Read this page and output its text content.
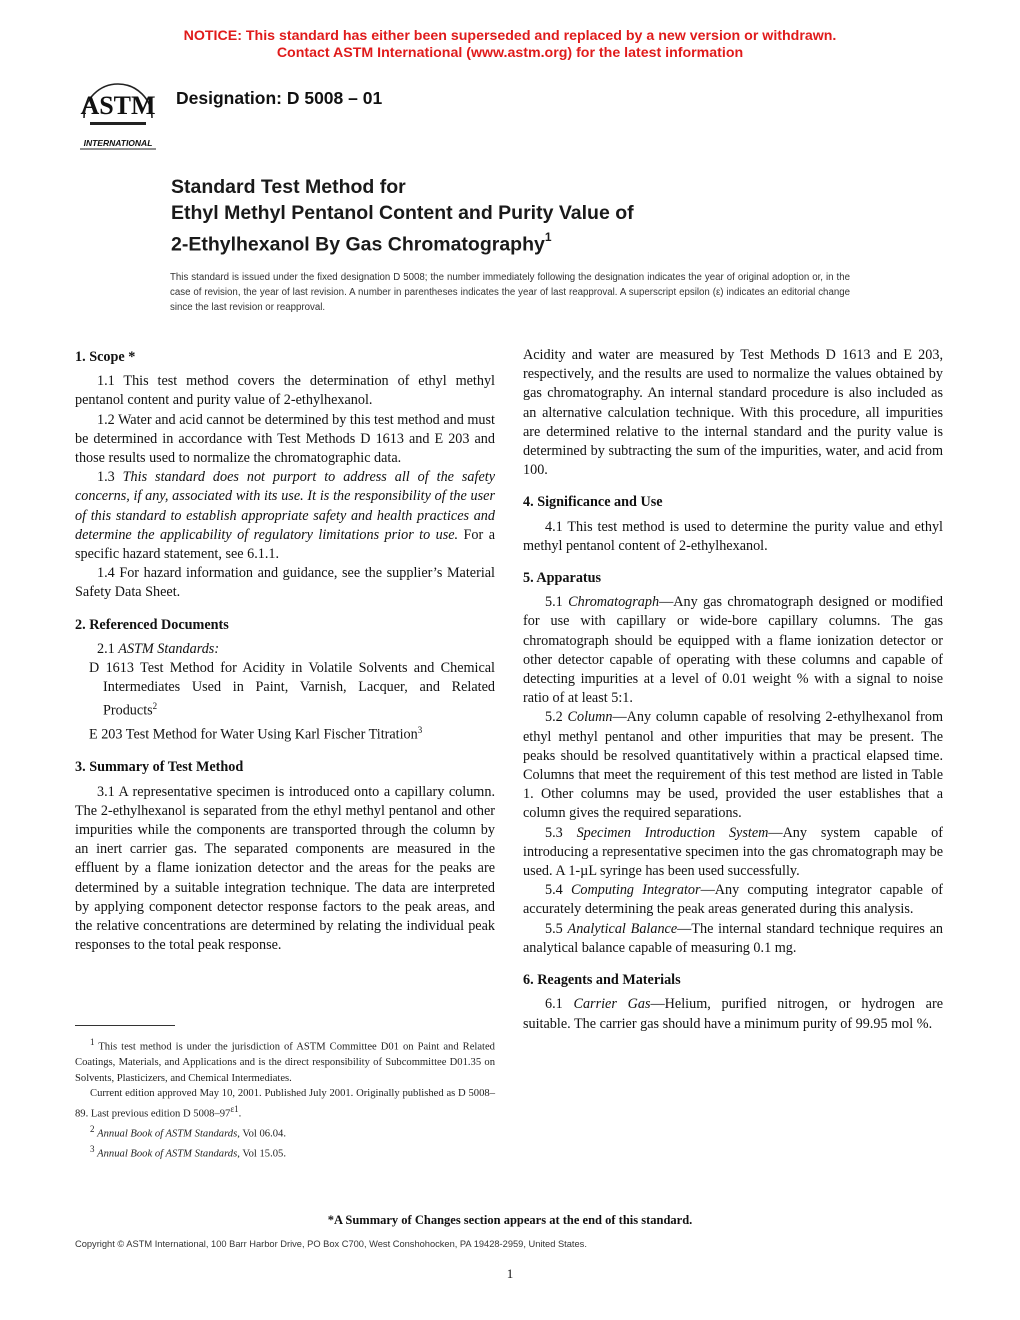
NOTICE: This standard has either been superseded and replaced by a new version or withdrawn.
Contact ASTM International (www.astm.org) for the latest information
ASTM
INTERNATIONAL
Designation: D 5008 – 01
Standard Test Method for
Ethyl Methyl Pentanol Content and Purity Value of
2-Ethylhexanol By Gas Chromatography$^1$
This standard is issued under the fixed designation D 5008; the number immediately following the designation indicates the year of original adoption or, in the case of revision, the year of last revision. A number in parentheses indicates the year of last reapproval. A superscript epsilon (ε) indicates an editorial change since the last revision or reapproval.
1. Scope *

1.1 This test method covers the determination of ethyl methyl pentanol content and purity value of 2-ethylhexanol.

1.2 Water and acid cannot be determined by this test method and must be determined in accordance with Test Methods D 1613 and E 203 and those results used to normalize the chromatographic data.

1.3 This standard does not purport to address all of the safety concerns, if any, associated with its use. It is the responsibility of the user of this standard to establish appropriate safety and health practices and determine the applicability of regulatory limitations prior to use. For a specific hazard statement, see 6.1.1.

1.4 For hazard information and guidance, see the supplier’s Material Safety Data Sheet.

2. Referenced Documents

2.1 ASTM Standards:

D 1613 Test Method for Acidity in Volatile Solvents and Chemical Intermediates Used in Paint, Varnish, Lacquer, and Related Products$^2$

E 203 Test Method for Water Using Karl Fischer Titration$^3$

3. Summary of Test Method

3.1 A representative specimen is introduced onto a capillary column. The 2-ethylhexanol is separated from the ethyl methyl pentanol and other impurities while the components are transported through the column by an inert carrier gas. The separated components are measured in the effluent by a flame ionization detector and the areas for the peaks are determined by a suitable integration technique. The data are interpreted by applying component detector response factors to the peak areas, and the relative concentrations are determined by relating the individual peak responses to the total peak response.

Acidity and water are measured by Test Methods D 1613 and E 203, respectively, and the results are used to normalize the values obtained by gas chromatography. An internal standard procedure is also included as an alternative calculation technique. With this procedure, all impurities are determined relative to the internal standard and the purity value is determined by subtracting the sum of the impurities, water, and acid from 100.

4. Significance and Use

4.1 This test method is used to determine the purity value and ethyl methyl pentanol content of 2-ethylhexanol.

5. Apparatus

5.1 Chromatograph—Any gas chromatograph designed or modified for use with capillary or wide-bore capillary columns. The gas chromatograph should be equipped with a flame ionization detector or other detector capable of operating with these columns and capable of detecting impurities at a level of 0.01 weight % with a signal to noise ratio of at least 5:1.

5.2 Column—Any column capable of resolving 2-ethylhexanol from ethyl methyl pentanol and other impurities that may be present. The peaks should be resolved quantitatively within a practical elapsed time. Columns that meet the requirement of this test method are listed in Table 1. Other columns may be used, provided the user establishes that a column gives the required separations.

5.3 Specimen Introduction System—Any system capable of introducing a representative specimen into the gas chromatograph may be used. A 1-µL syringe has been used successfully.

5.4 Computing Integrator—Any computing integrator capable of accurately determining the peak areas generated during this analysis.

5.5 Analytical Balance—The internal standard technique requires an analytical balance capable of measuring 0.1 mg.

6. Reagents and Materials

6.1 Carrier Gas—Helium, purified nitrogen, or hydrogen are suitable. The carrier gas should have a minimum purity of 99.95 mol %.

$^1$ This test method is under the jurisdiction of ASTM Committee D01 on Paint and Related Coatings, Materials, and Applications and is the direct responsibility of Subcommittee D01.35 on Solvents, Plasticizers, and Chemical Intermediates.

Current edition approved May 10, 2001. Published July 2001. Originally published as D 5008–89. Last previous edition D $5008-97^{\varepsilon 1}$.

$^2$ Annual Book of ASTM Standards, Vol 06.04.

$^3$ Annual Book of ASTM Standards, Vol 15.05.

*A Summary of Changes section appears at the end of this standard.
Copyright © ASTM International, 100 Barr Harbor Drive, PO Box C700, West Conshohocken, PA 19428-2959, United States.
1
